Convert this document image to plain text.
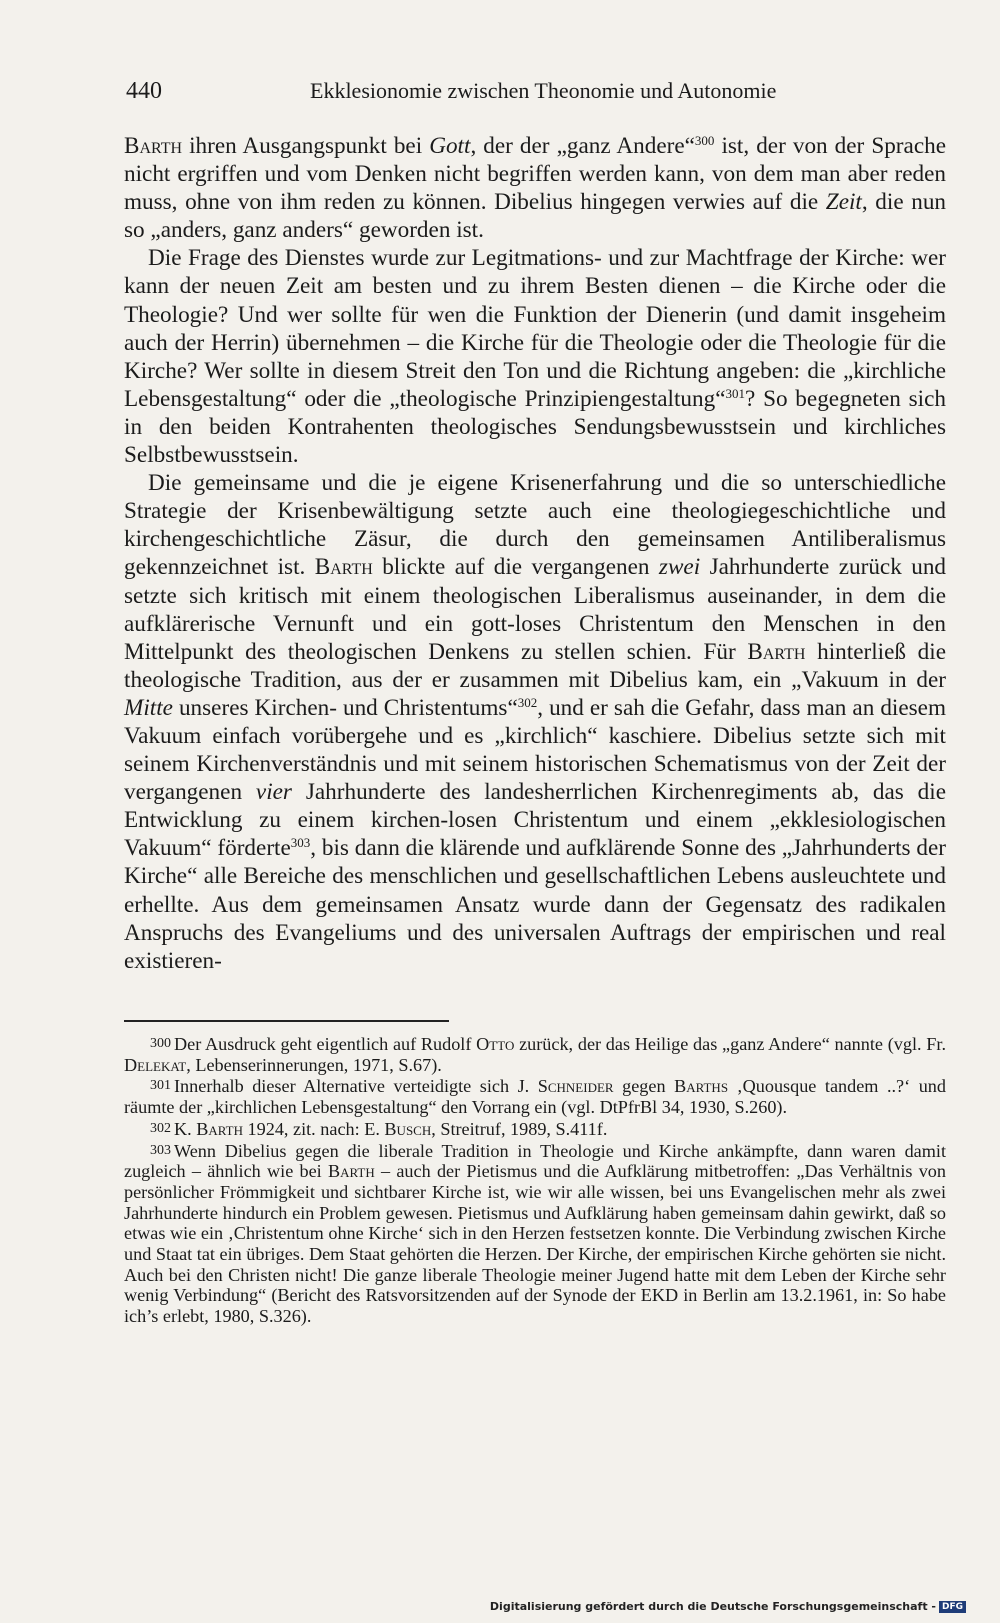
440	Ekklesionomie zwischen Theonomie und Autonomie

Barth ihren Ausgangspunkt bei Gott, der der „ganz Andere“$^{300}$ ist, der von der Sprache nicht ergriffen und vom Denken nicht begriffen werden kann, von dem man aber reden muss, ohne von ihm reden zu können. Dibelius hingegen verwies auf die Zeit, die nun so „anders, ganz anders“ geworden ist.

Die Frage des Dienstes wurde zur Legitmations- und zur Machtfrage der Kirche: wer kann der neuen Zeit am besten und zu ihrem Besten dienen – die Kirche oder die Theologie? Und wer sollte für wen die Funktion der Dienerin (und damit insgeheim auch der Herrin) übernehmen – die Kirche für die Theologie oder die Theologie für die Kirche? Wer sollte in diesem Streit den Ton und die Richtung angeben: die „kirchliche Lebensgestaltung“ oder die „theologische Prinzipiengestaltung“$^{301}$? So begegneten sich in den beiden Kontrahenten theologisches Sendungsbewusstsein und kirchliches Selbstbewusstsein.

Die gemeinsame und die je eigene Krisenerfahrung und die so unterschiedliche Strategie der Krisenbewältigung setzte auch eine theologiegeschichtliche und kirchengeschichtliche Zäsur, die durch den gemeinsamen Antiliberalismus gekennzeichnet ist. Barth blickte auf die vergangenen zwei Jahrhunderte zurück und setzte sich kritisch mit einem theologischen Liberalismus auseinander, in dem die aufklärerische Vernunft und ein gott-loses Christentum den Menschen in den Mittelpunkt des theologischen Denkens zu stellen schien. Für Barth hinterließ die theologische Tradition, aus der er zusammen mit Dibelius kam, ein „Vakuum in der Mitte unseres Kirchen- und Christentums“$^{302}$, und er sah die Gefahr, dass man an diesem Vakuum einfach vorübergehe und es „kirchlich“ kaschiere. Dibelius setzte sich mit seinem Kirchenverständnis und mit seinem historischen Schematismus von der Zeit der vergangenen vier Jahrhunderte des landesherrlichen Kirchenregiments ab, das die Entwicklung zu einem kirchen-losen Christentum und einem „ekklesiologischen Vakuum“ förderte$^{303}$, bis dann die klärende und aufklärende Sonne des „Jahrhunderts der Kirche“ alle Bereiche des menschlichen und gesellschaftlichen Lebens ausleuchtete und erhellte. Aus dem gemeinsamen Ansatz wurde dann der Gegensatz des radikalen Anspruchs des Evangeliums und des universalen Auftrags der empirischen und real existieren-

300 Der Ausdruck geht eigentlich auf Rudolf Otto zurück, der das Heilige das „ganz Andere“ nannte (vgl. Fr. Delekat, Lebenserinnerungen, 1971, S.67).

301 Innerhalb dieser Alternative verteidigte sich J. Schneider gegen Barths ‚Quousque tandem ..?‘ und räumte der „kirchlichen Lebensgestaltung“ den Vorrang ein (vgl. DtPfrBl 34, 1930, S.260).

302 K. Barth 1924, zit. nach: E. Busch, Streitruf, 1989, S.411f.

303 Wenn Dibelius gegen die liberale Tradition in Theologie und Kirche ankämpfte, dann waren damit zugleich – ähnlich wie bei Barth – auch der Pietismus und die Aufklärung mitbetroffen: „Das Verhältnis von persönlicher Frömmigkeit und sichtbarer Kirche ist, wie wir alle wissen, bei uns Evangelischen mehr als zwei Jahrhunderte hindurch ein Problem gewesen. Pietismus und Aufklärung haben gemeinsam dahin gewirkt, daß so etwas wie ein ‚Christentum ohne Kirche‘ sich in den Herzen festsetzen konnte. Die Verbindung zwischen Kirche und Staat tat ein übriges. Dem Staat gehörten die Herzen. Der Kirche, der empirischen Kirche gehörten sie nicht. Auch bei den Christen nicht! Die ganze liberale Theologie meiner Jugend hatte mit dem Leben der Kirche sehr wenig Verbindung“ (Bericht des Ratsvorsitzenden auf der Synode der EKD in Berlin am 13.2.1961, in: So habe ich’s erlebt, 1980, S.326).

Digitalisierung gefördert durch die Deutsche Forschungsgemeinschaft - DFG
